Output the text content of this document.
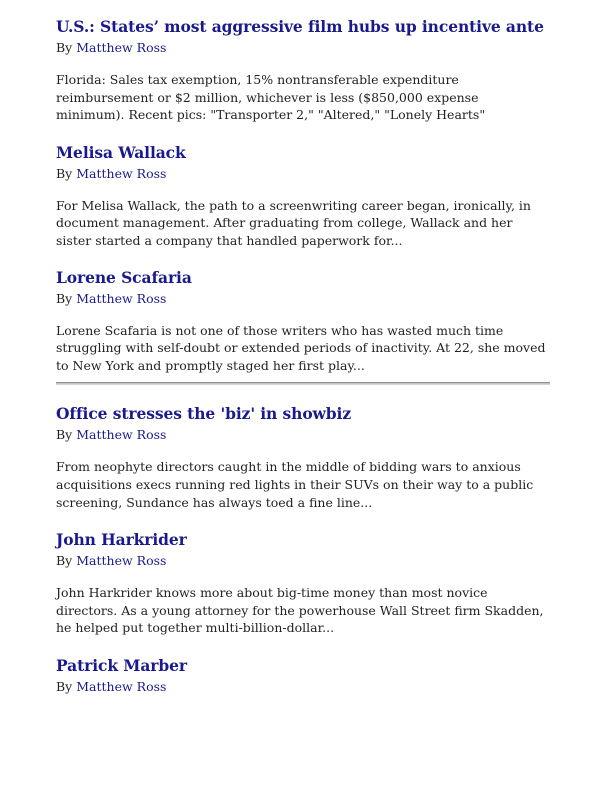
U.S.: States’ most aggressive film hubs up incentive ante
By Matthew Ross

Florida: Sales tax exemption, 15% nontransferable expenditure reimbursement or $2 million, whichever is less ($850,000 expense minimum). Recent pics: "Transporter 2," "Altered," "Lonely Hearts"

Melisa Wallack
By Matthew Ross

For Melisa Wallack, the path to a screenwriting career began, ironically, in document management. After graduating from college, Wallack and her sister started a company that handled paperwork for...

Lorene Scafaria
By Matthew Ross

Lorene Scafaria is not one of those writers who has wasted much time struggling with self-doubt or extended periods of inactivity. At 22, she moved to New York and promptly staged her first play...

Office stresses the 'biz' in showbiz
By Matthew Ross

From neophyte directors caught in the middle of bidding wars to anxious acquisitions execs running red lights in their SUVs on their way to a public screening, Sundance has always toed a fine line...

John Harkrider
By Matthew Ross

John Harkrider knows more about big-time money than most novice directors. As a young attorney for the powerhouse Wall Street firm Skadden, he helped put together multi-billion-dollar...

Patrick Marber
By Matthew Ross
